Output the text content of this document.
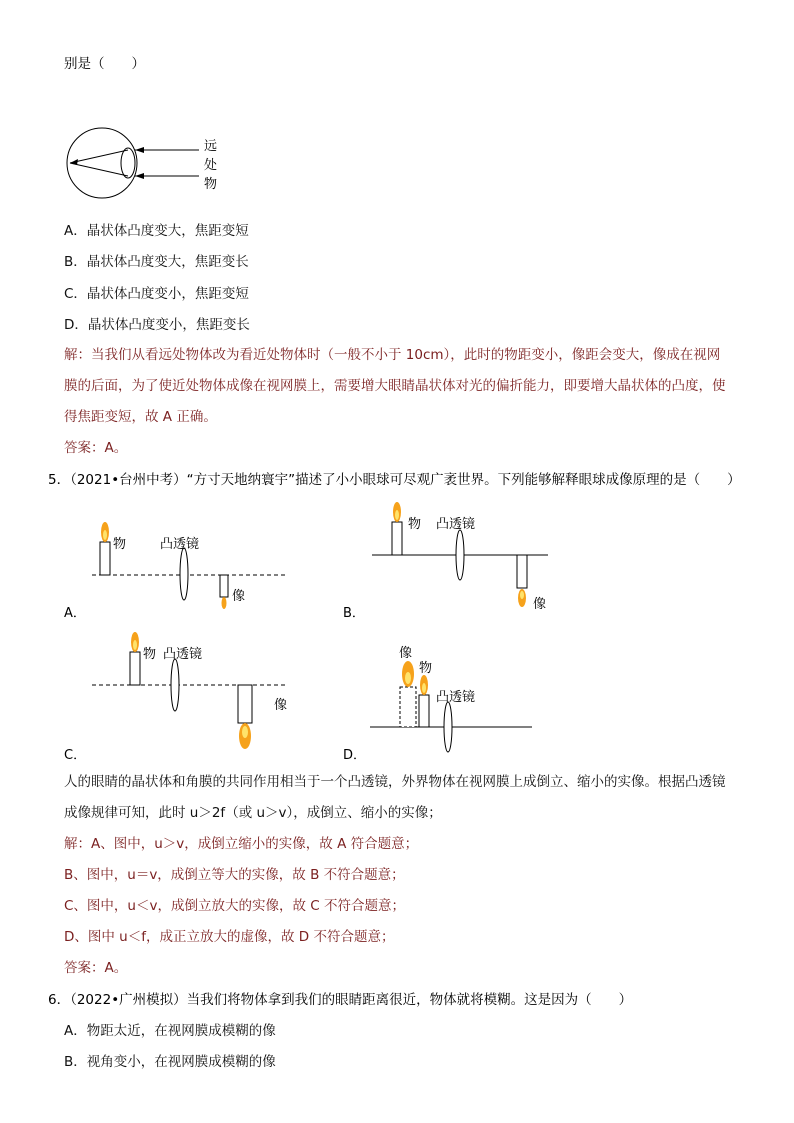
别是（　　）
远
处
物
A．晶状体凸度变大，焦距变短
B．晶状体凸度变大，焦距变长
C．晶状体凸度变小，焦距变短
D．晶状体凸度变小，焦距变长
解：当我们从看远处物体改为看近处物体时（一般不小于 10cm），此时的物距变小，像距会变大，像成在视网
膜的后面，为了使近处物体成像在视网膜上，需要增大眼睛晶状体对光的偏折能力，即要增大晶状体的凸度，使
得焦距变短，故 A 正确。
答案：A。
5．（2021•台州中考）“方寸天地纳寰宇”描述了小小眼球可尽观广袤世界。下列能够解释眼球成像原理的是（　　）
物	凸透镜
像
A．
物 凸透镜
像
B．
物 凸透镜
像
C．
像
物
凸透镜
D．
人的眼睛的晶状体和角膜的共同作用相当于一个凸透镜，外界物体在视网膜上成倒立、缩小的实像。根据凸透镜
成像规律可知，此时 u＞2f（或 u＞v），成倒立、缩小的实像；
解：A、图中，u＞v，成倒立缩小的实像，故 A 符合题意；
B、图中，u＝v，成倒立等大的实像，故 B 不符合题意；
C、图中，u＜v，成倒立放大的实像，故 C 不符合题意；
D、图中 u＜f，成正立放大的虚像，故 D 不符合题意；
答案：A。
6．（2022•广州模拟）当我们将物体拿到我们的眼睛距离很近，物体就将模糊。这是因为（　　）
A．物距太近，在视网膜成模糊的像
B．视角变小，在视网膜成模糊的像
